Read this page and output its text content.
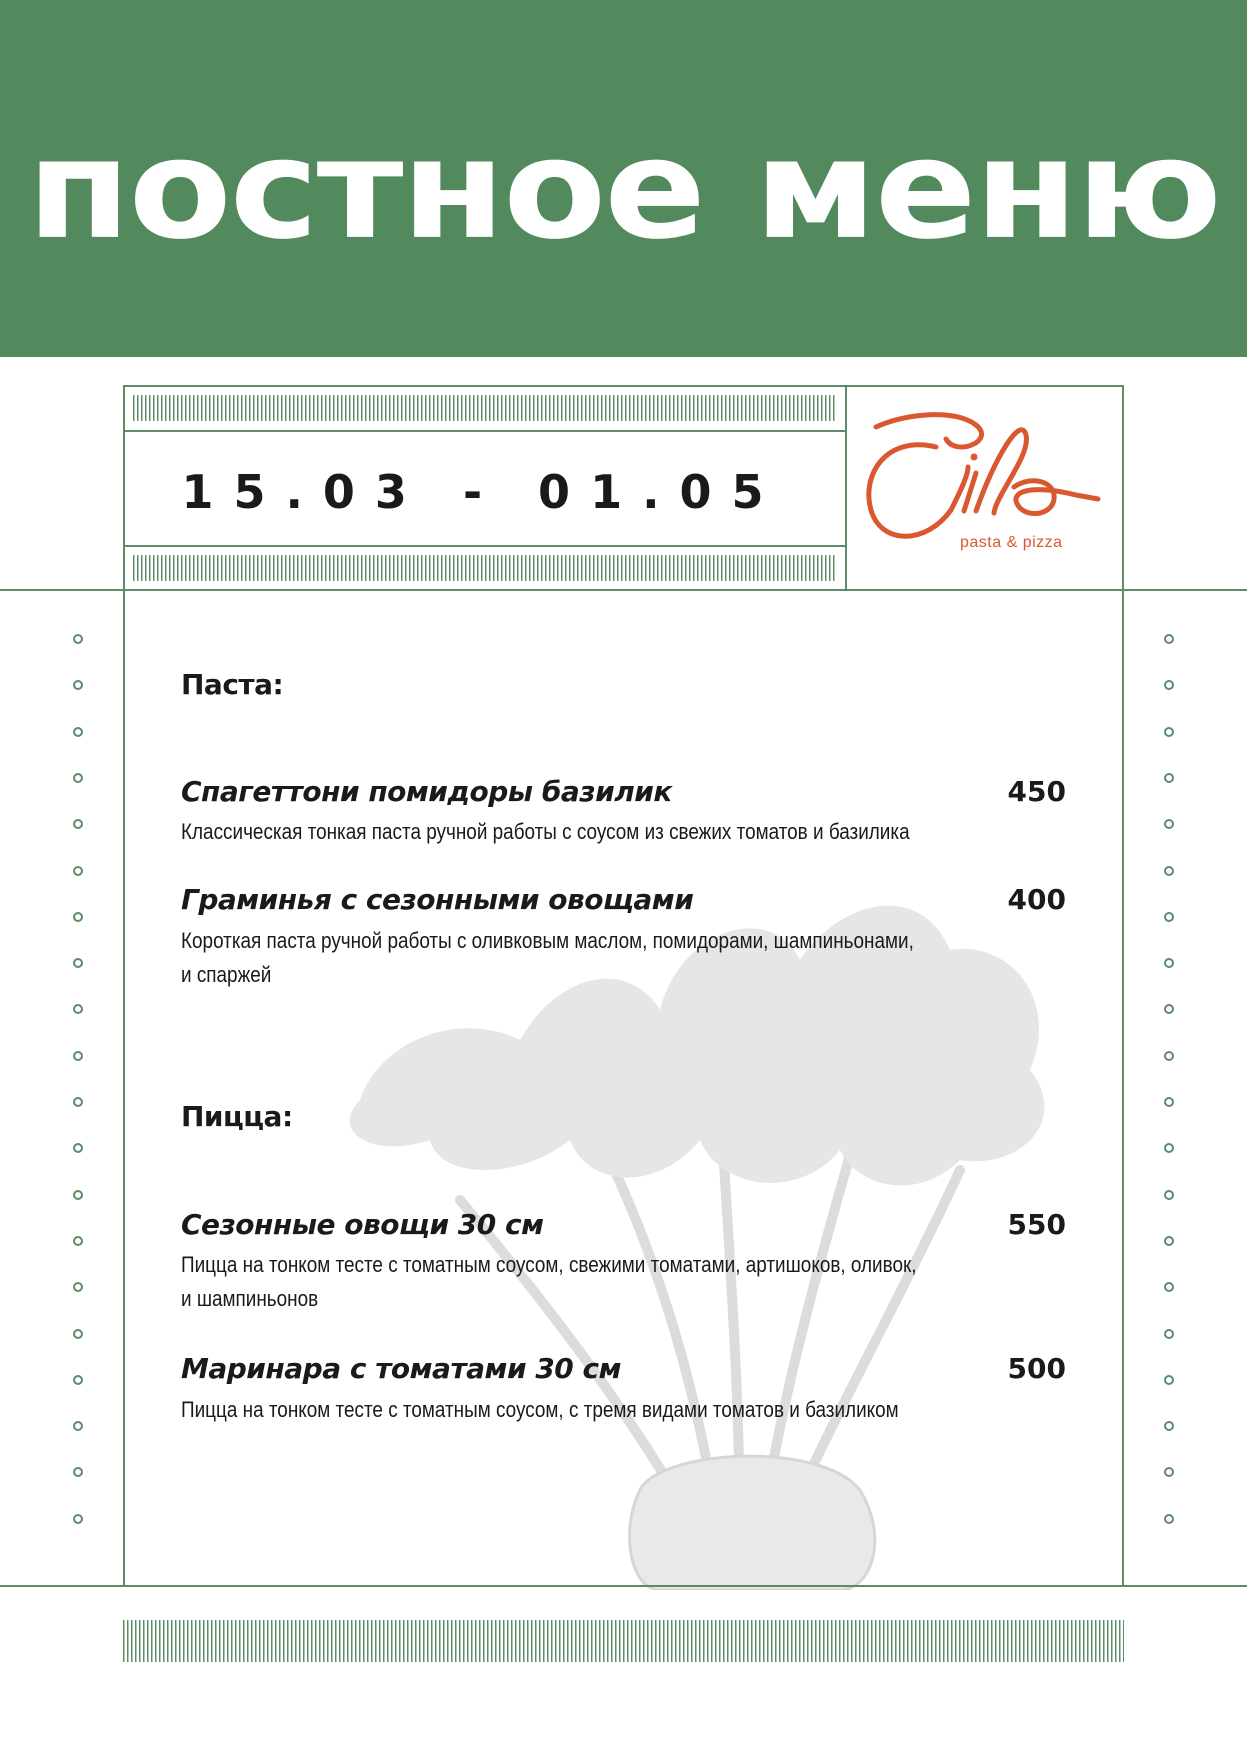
постное меню
15.03 - 01.05
pasta & pizza
Паста:
Спагеттони помидоры базилик	450
Классическая тонкая паста ручной работы с соусом из свежих томатов и базилика
Граминья с сезонными овощами	400
Короткая паста ручной работы с оливковым маслом, помидорами, шампиньонами,
и спаржей
Пицца:
Сезонные овощи 30 см	550
Пицца на тонком тесте с томатным соусом, свежими томатами, артишоков, оливок,
и шампиньонов
Маринара с томатами 30 см	500
Пицца на тонком тесте с томатным соусом, с тремя видами томатов и базиликом
